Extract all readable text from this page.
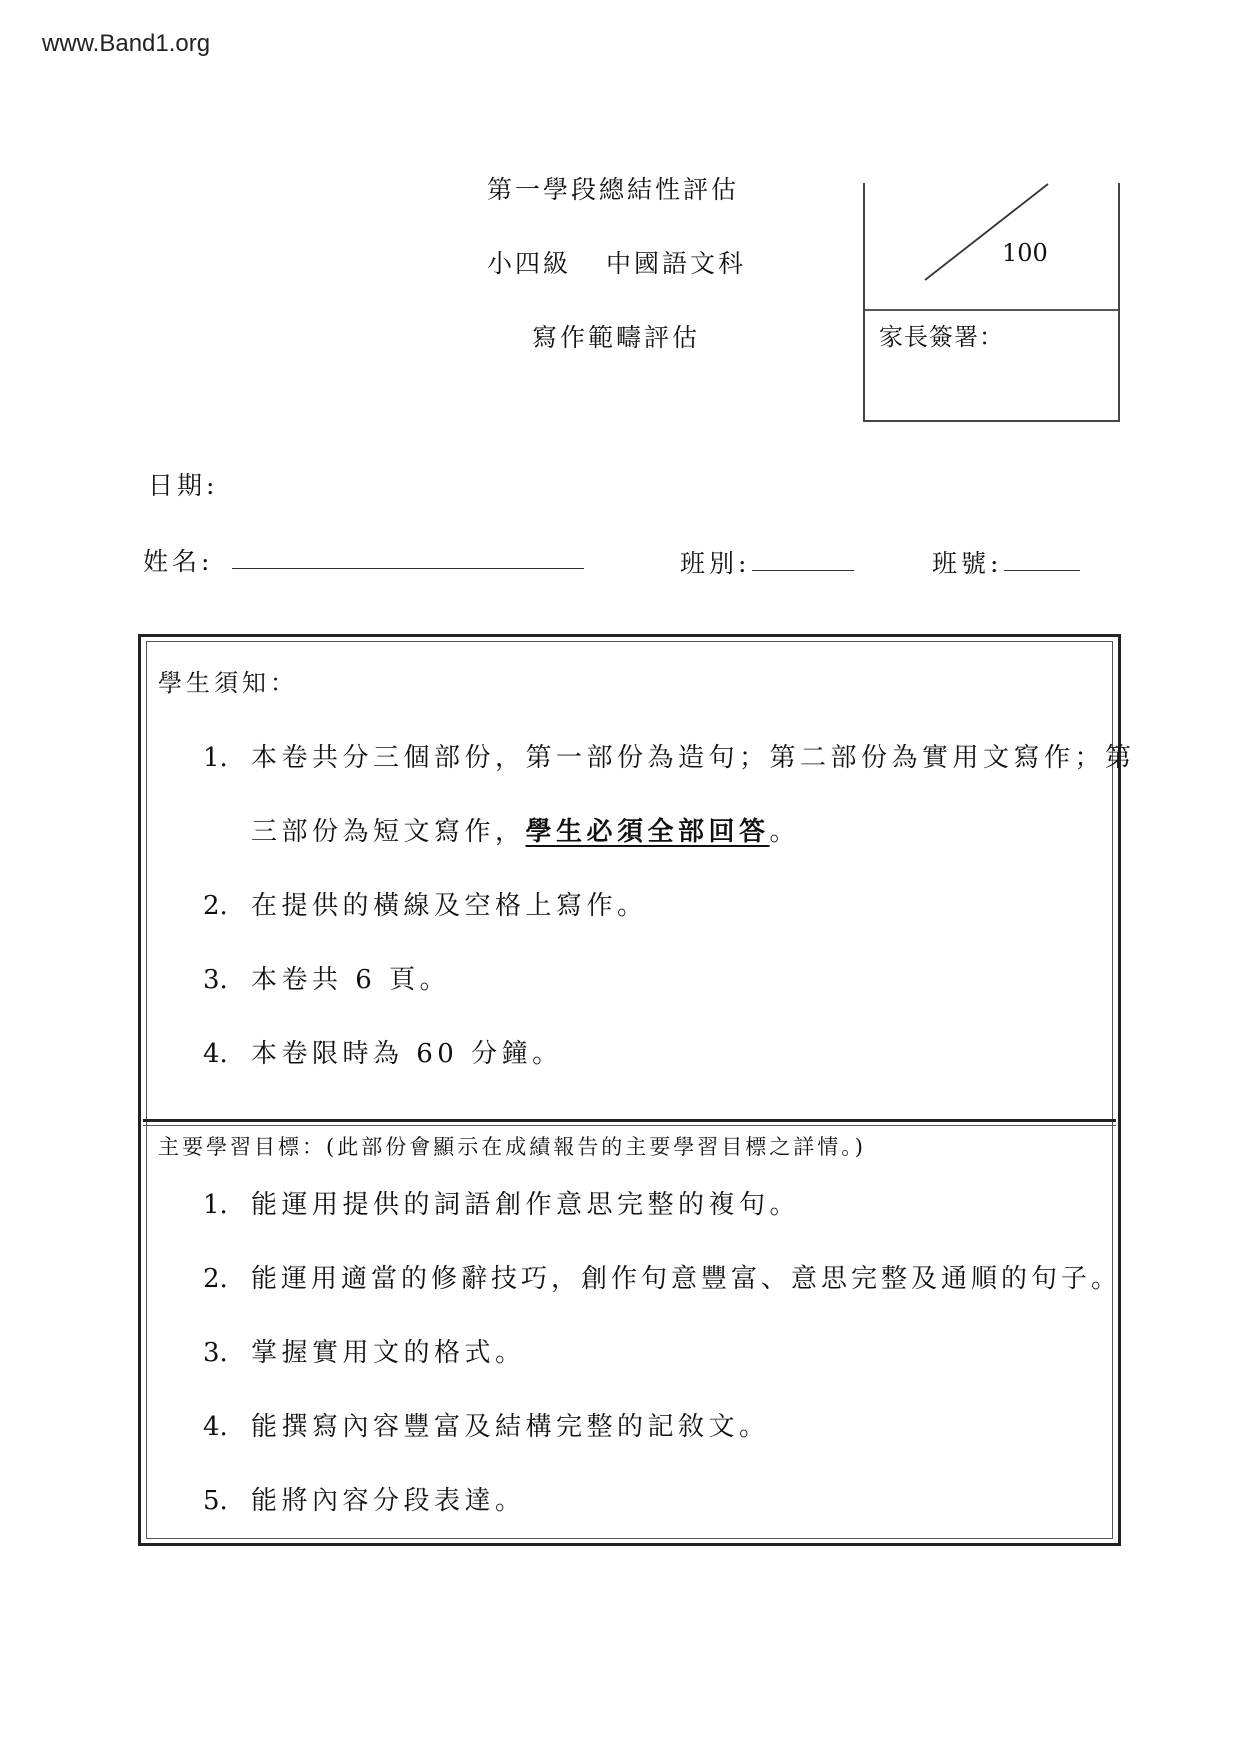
www.Band1.org
第一學段總結性評估
小四級	中國語文科
寫作範疇評估
100
家長簽署：
日期:
姓名:	班別:	班號:
學生須知：
1. 本卷共分三個部份，第一部份為造句；第二部份為實用文寫作；第
三部份為短文寫作，學生必須全部回答。
2. 在提供的橫線及空格上寫作。
3. 本卷共 6 頁。
4. 本卷限時為 60 分鐘。
主要學習目標：(此部份會顯示在成績報告的主要學習目標之詳情。)
1. 能運用提供的詞語創作意思完整的複句。
2. 能運用適當的修辭技巧，創作句意豐富、意思完整及通順的句子。
3. 掌握實用文的格式。
4. 能撰寫內容豐富及結構完整的記敘文。
5. 能將內容分段表達。
